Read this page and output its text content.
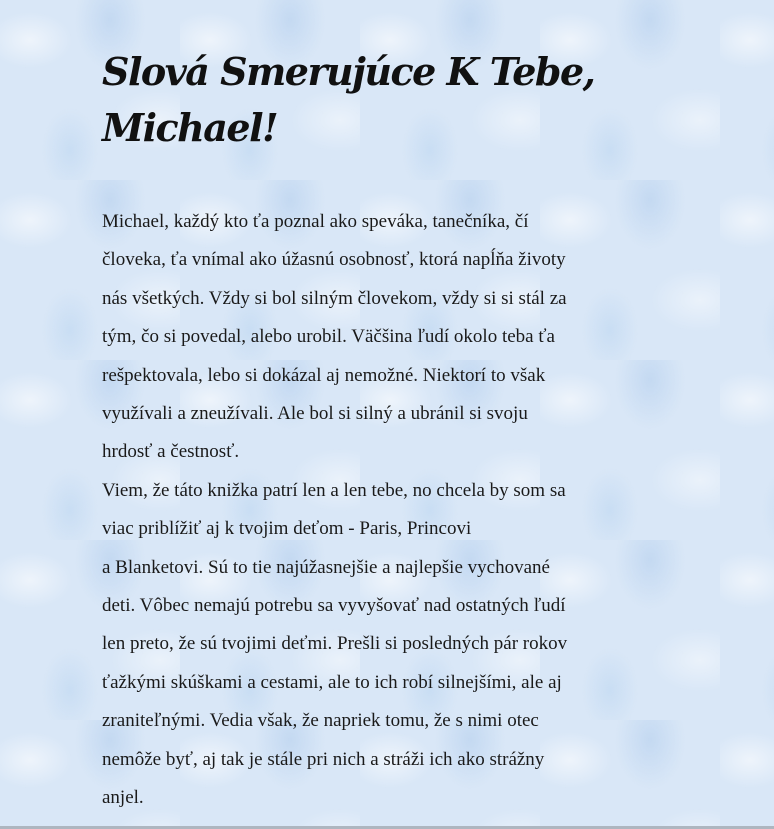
Slová Smerujúce K Tebe,
Michael!

Michael, každý kto ťa poznal ako speváka, tanečníka, čí
človeka, ťa vnímal ako úžasnú osobnosť, ktorá napĺňa životy
nás všetkých. Vždy si bol silným človekom, vždy si si stál za
tým, čo si povedal, alebo urobil. Väčšina ľudí okolo teba ťa
rešpektovala, lebo si dokázal aj nemožné. Niektorí to však
využívali a zneužívali. Ale bol si silný a ubránil si svoju
hrdosť a čestnosť.

Viem, že táto knižka patrí len a len tebe, no chcela by som sa
viac priblížiť aj k tvojim deťom - Paris, Princovi
a Blanketovi. Sú to tie najúžasnejšie a najlepšie vychované
deti. Vôbec nemajú potrebu sa vyvyšovať nad ostatných ľudí
len preto, že sú tvojimi deťmi. Prešli si posledných pár rokov
ťažkými skúškami a cestami, ale to ich robí silnejšími, ale aj
zraniteľnými. Vedia však, že napriek tomu, že s nimi otec
nemôže byť, aj tak je stále pri nich a stráži ich ako strážny
anjel.
